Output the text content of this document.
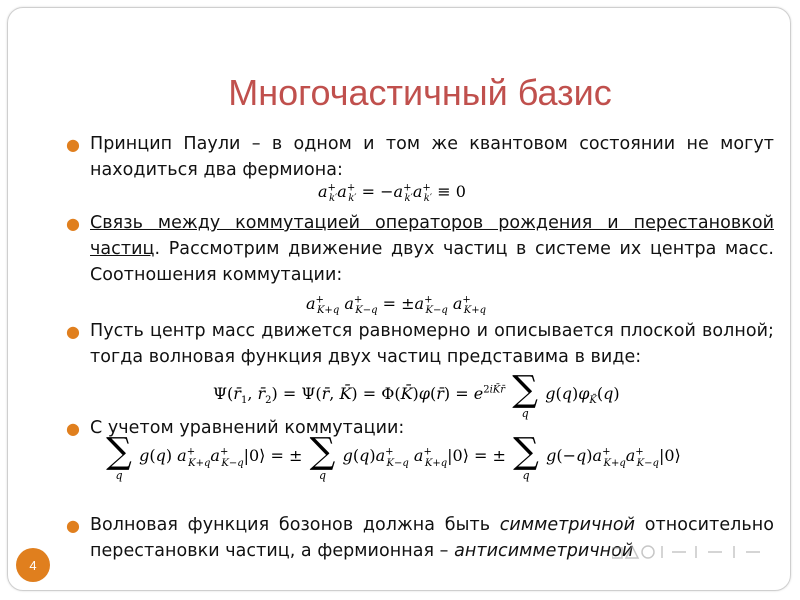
Многочастичный базис
● Принцип Паули – в одном и том же квантовом состоянии не могут находиться два фермиона:
$a^+_{k'}a^+_{k'} = -a^+_{k'}a^+_{k'} \equiv 0$
● Связь между коммутацией операторов рождения и перестановкой частиц. Рассмотрим движение двух частиц в системе их центра масс. Соотношения коммутации:
$a^+_{K+q}$ $a^+_{K-q} = \pm a^+_{K-q}$ $a^+_{K+q}$
● Пусть центр масс движется равномерно и описывается плоской волной; тогда волновая функция двух частиц представима в виде:
$\Psi(r̄_1$, $r̄_2$) = Ψ(r̄, K̄) = Φ(K̄)φ(r̄) = $e^{2iK̄r̄}$ ∑
q
$g(q)\varphi_{K̄}(q)$
● С учетом уравнений коммутации:
∑
q
g(q) $a^+_{K+q}a^+_{K-q}|0⟩$ = ± ∑
q
$g(q)a^+_{K-q}$ $a^+_{K+q}|0⟩$ = ± ∑
q
$g(-q)a^+_{K+q}a^+_{K-q}|0⟩$
● Волновая функция бозонов должна быть симметричной относительно перестановки частиц, а фермионная – антисимметричной
4
